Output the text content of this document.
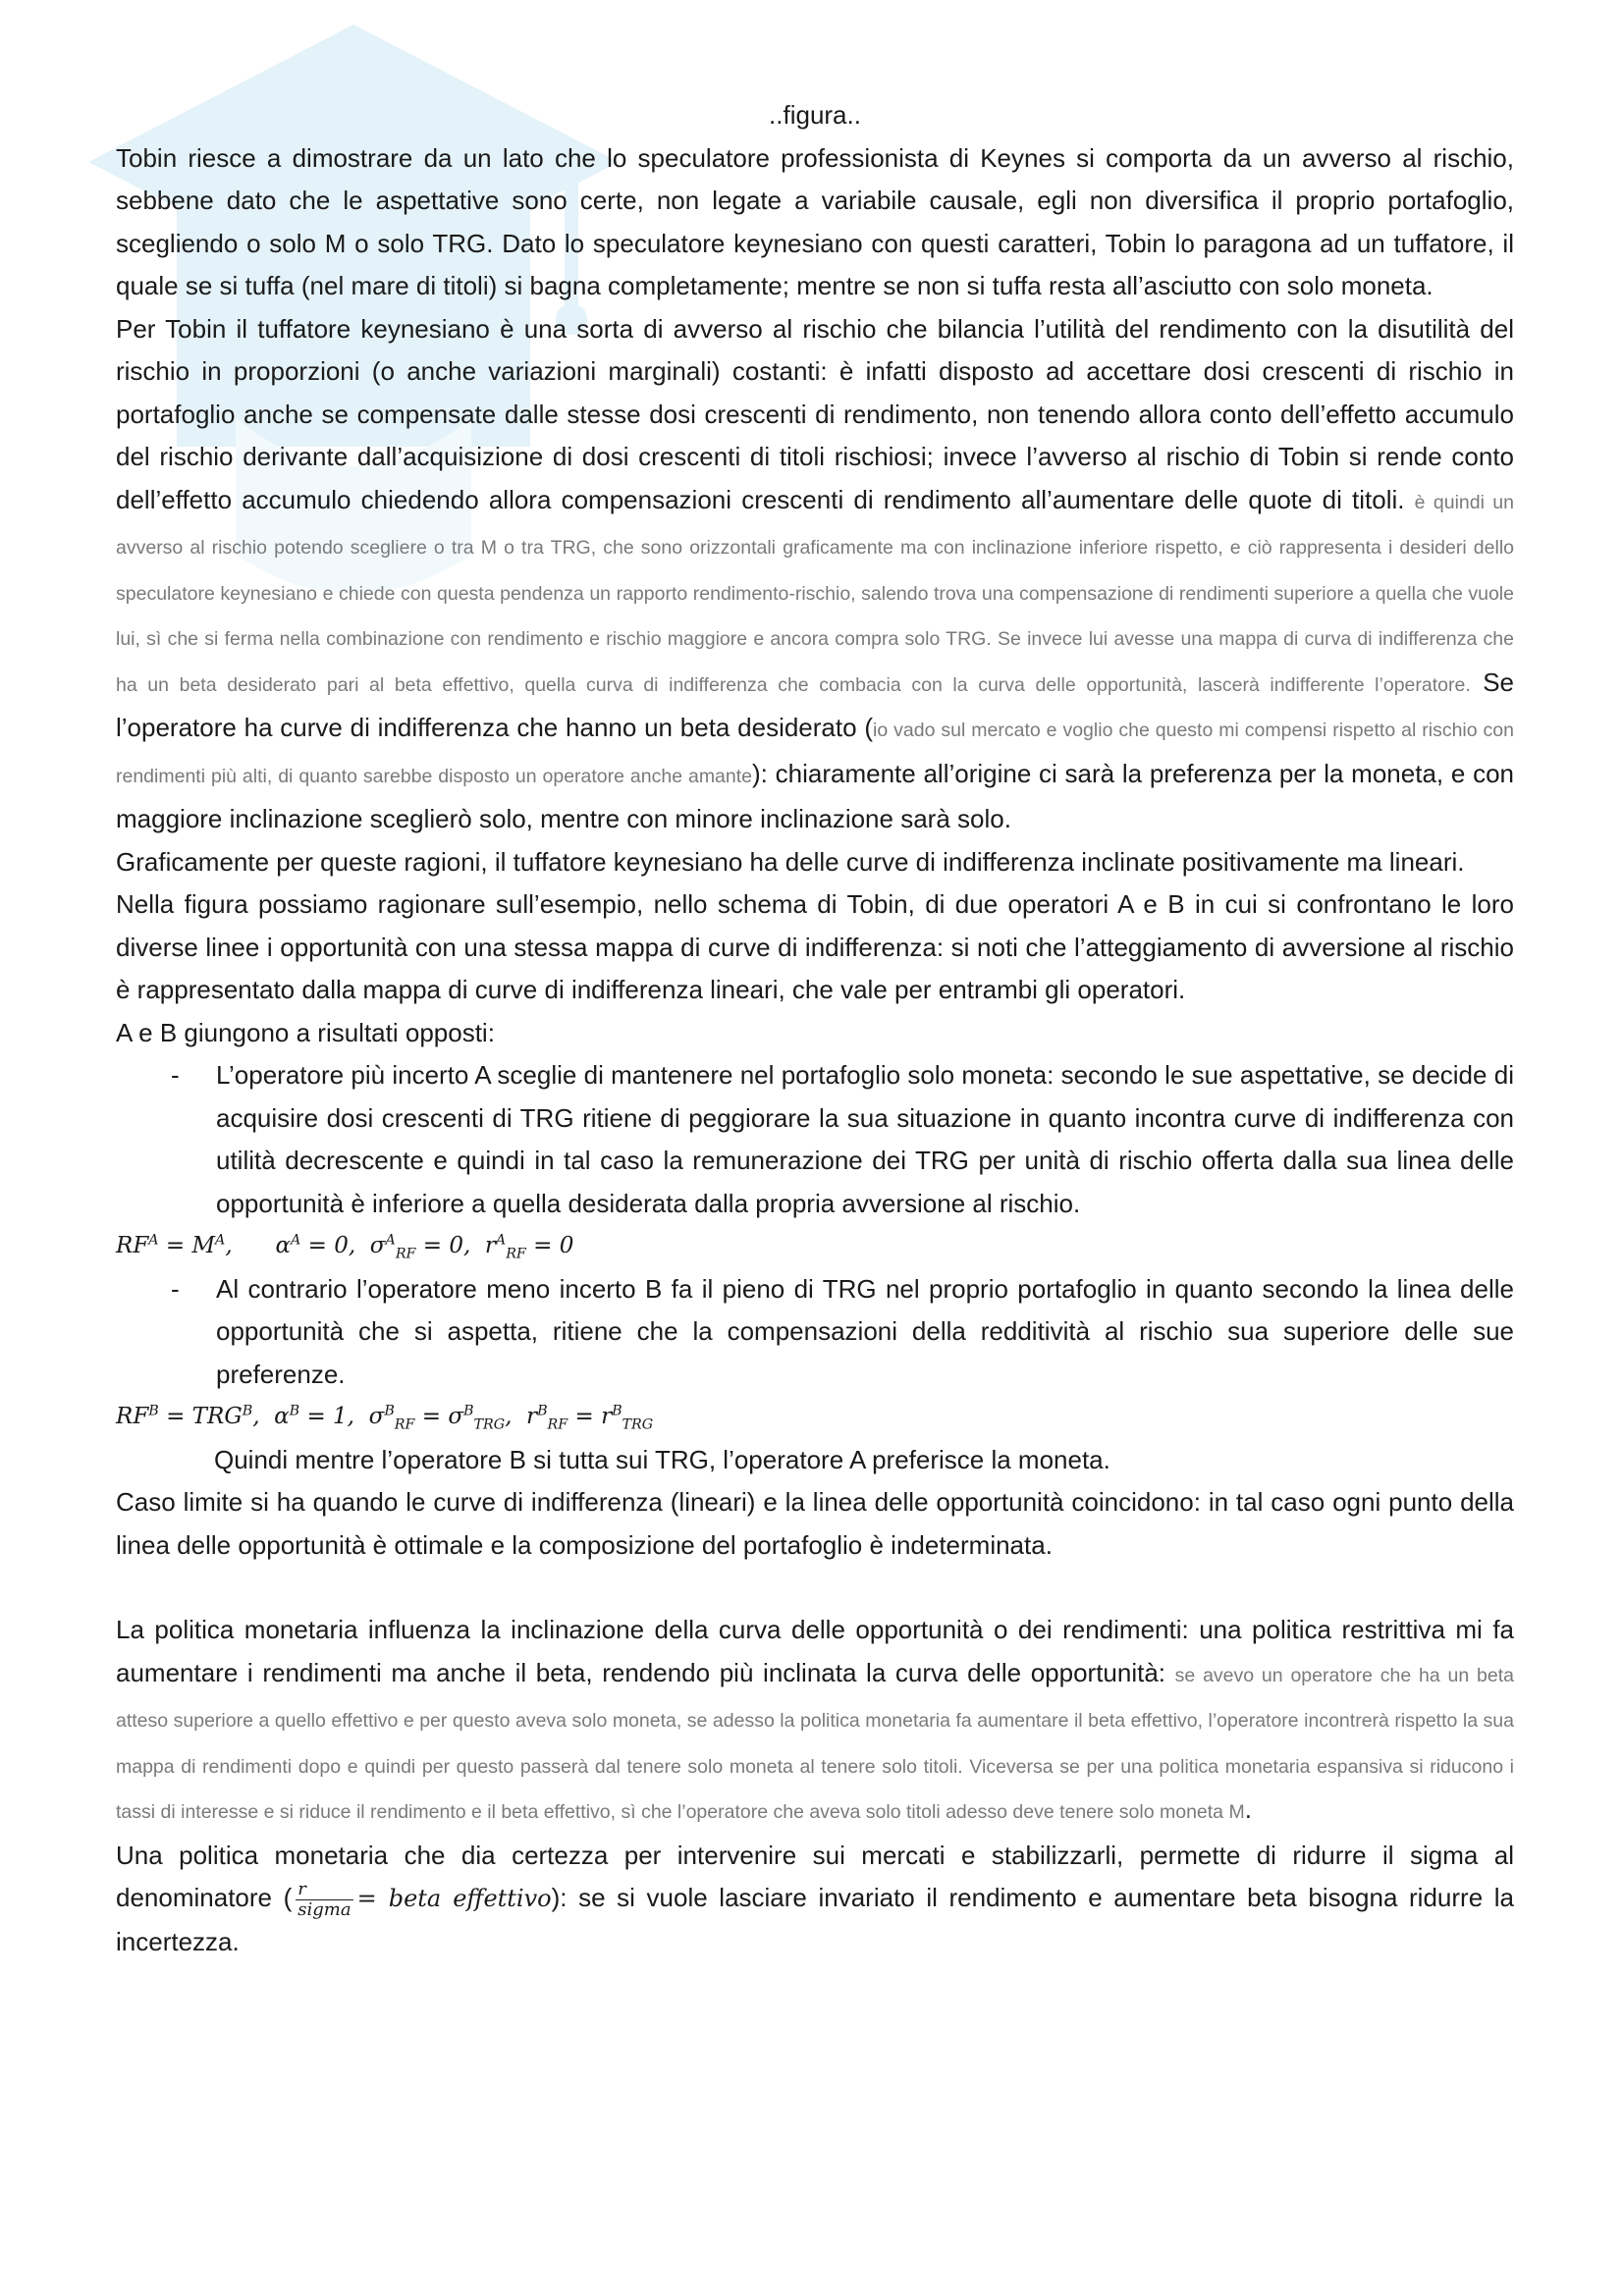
..figura..

Tobin riesce a dimostrare da un lato che lo speculatore professionista di Keynes si comporta da un avverso al rischio, sebbene dato che le aspettative sono certe, non legate a variabile causale, egli non diversifica il proprio portafoglio, scegliendo o solo M o solo TRG. Dato lo speculatore keynesiano con questi caratteri, Tobin lo paragona ad un tuffatore, il quale se si tuffa (nel mare di titoli) si bagna completamente; mentre se non si tuffa resta all’asciutto con solo moneta.

Per Tobin il tuffatore keynesiano è una sorta di avverso al rischio che bilancia l’utilità del rendimento con la disutilità del rischio in proporzioni (o anche variazioni marginali) costanti: è infatti disposto ad accettare dosi crescenti di rischio in portafoglio anche se compensate dalle stesse dosi crescenti di rendimento, non tenendo allora conto dell’effetto accumulo del rischio derivante dall’acquisizione di dosi crescenti di titoli rischiosi; invece l’avverso al rischio di Tobin si rende conto dell’effetto accumulo chiedendo allora compensazioni crescenti di rendimento all’aumentare delle quote di titoli. è quindi un avverso al rischio potendo scegliere o tra M o tra TRG, che sono orizzontali graficamente ma con inclinazione inferiore rispetto, e ciò rappresenta i desideri dello speculatore keynesiano e chiede con questa pendenza un rapporto rendimento-rischio, salendo trova una compensazione di rendimenti superiore a quella che vuole lui, sì che si ferma nella combinazione con rendimento e rischio maggiore e ancora compra solo TRG. Se invece lui avesse una mappa di curva di indifferenza che ha un beta desiderato pari al beta effettivo, quella curva di indifferenza che combacia con la curva delle opportunità, lascerà indifferente l’operatore. Se l’operatore ha curve di indifferenza che hanno un beta desiderato (io vado sul mercato e voglio che questo mi compensi rispetto al rischio con rendimenti più alti, di quanto sarebbe disposto un operatore anche amante): chiaramente all’origine ci sarà la preferenza per la moneta, e con maggiore inclinazione sceglierò solo, mentre con minore inclinazione sarà solo.

Graficamente per queste ragioni, il tuffatore keynesiano ha delle curve di indifferenza inclinate positivamente ma lineari.

Nella figura possiamo ragionare sull’esempio, nello schema di Tobin, di due operatori A e B in cui si confrontano le loro diverse linee i opportunità con una stessa mappa di curve di indifferenza: si noti che l’atteggiamento di avversione al rischio è rappresentato dalla mappa di curve di indifferenza lineari, che vale per entrambi gli operatori.

A e B giungono a risultati opposti:

- L’operatore più incerto A sceglie di mantenere nel portafoglio solo moneta: secondo le sue aspettative, se decide di acquisire dosi crescenti di TRG ritiene di peggiorare la sua situazione in quanto incontra curve di indifferenza con utilità decrescente e quindi in tal caso la remunerazione dei TRG per unità di rischio offerta dalla sua linea delle opportunità è inferiore a quella desiderata dalla propria avversione al rischio.
$RF^A = M^A$,      $\alpha^A = 0$,  $\sigma^A_{RF} = 0$,  $r^A_{RF} = 0$
- Al contrario l’operatore meno incerto B fa il pieno di TRG nel proprio portafoglio in quanto secondo la linea delle opportunità che si aspetta, ritiene che la compensazioni della redditività al rischio sua superiore delle sue preferenze.
$RF^B = TRG^B$,  $\alpha^B = 1$,  $\sigma^B_{RF} = \sigma^B_{TRG}$,  $r^B_{RF} = r^B_{TRG}$

Quindi mentre l’operatore B si tutta sui TRG, l’operatore A preferisce la moneta.

Caso limite si ha quando le curve di indifferenza (lineari) e la linea delle opportunità coincidono: in tal caso ogni punto della linea delle opportunità è ottimale e la composizione del portafoglio è indeterminata.

La politica monetaria influenza la inclinazione della curva delle opportunità o dei rendimenti: una politica restrittiva mi fa aumentare i rendimenti ma anche il beta, rendendo più inclinata la curva delle opportunità: se avevo un operatore che ha un beta atteso superiore a quello effettivo e per questo aveva solo moneta, se adesso la politica monetaria fa aumentare il beta effettivo, l’operatore incontrerà rispetto la sua mappa di rendimenti dopo e quindi per questo passerà dal tenere solo moneta al tenere solo titoli. Viceversa se per una politica monetaria espansiva si riducono i tassi di interesse e si riduce il rendimento e il beta effettivo, sì che l’operatore che aveva solo titoli adesso deve tenere solo moneta M.

Una politica monetaria che dia certezza per intervenire sui mercati e stabilizzarli, permette di ridurre il sigma al denominatore ( $\frac{r}{\text{sigma}}$ = beta effettivo): se si vuole lasciare invariato il rendimento e aumentare beta bisogna ridurre la incertezza.
